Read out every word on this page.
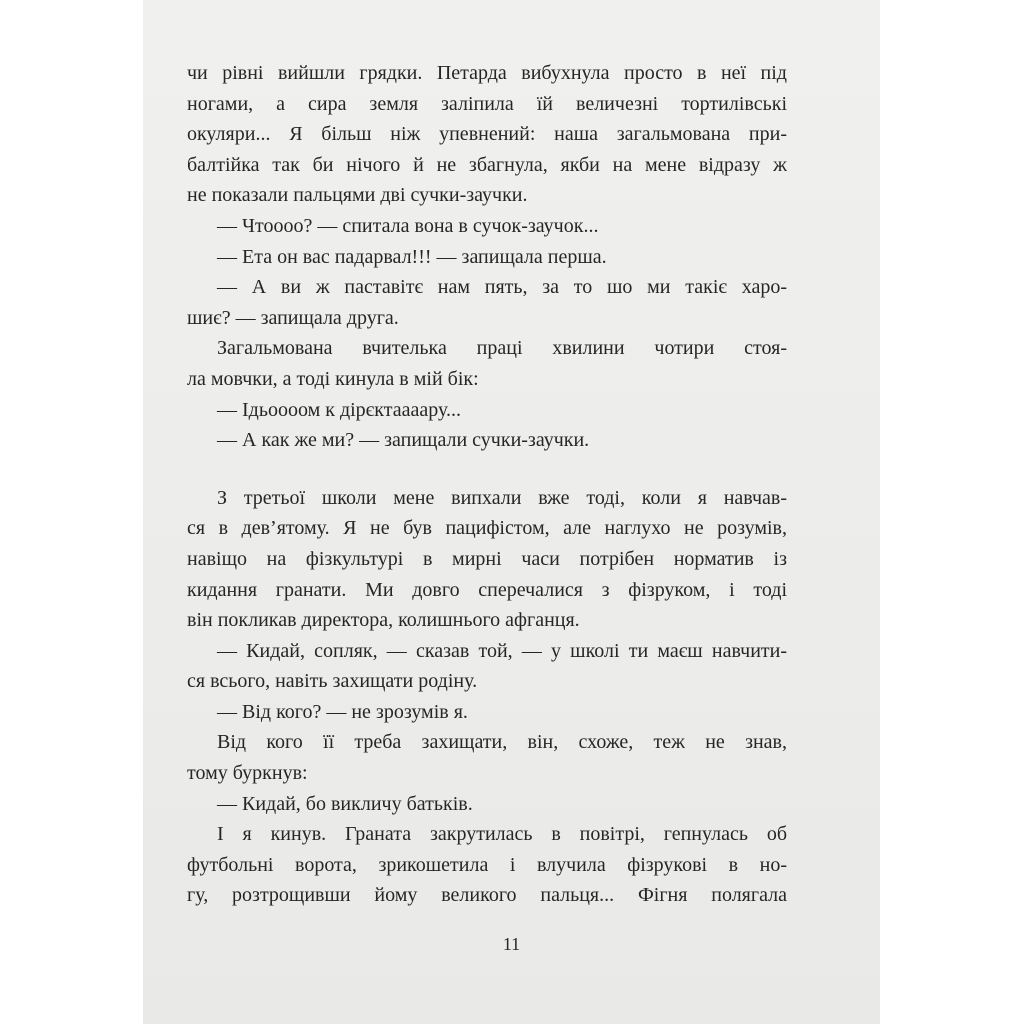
чи рівні вийшли грядки. Петарда вибухнула просто в неї під
ногами, а сира земля заліпила їй величезні тортилівські
окуляри... Я більш ніж упевнений: наша загальмована при-
балтійка так би нічого й не збагнула, якби на мене відразу ж
не показали пальцями дві сучки-заучки.
— Чтоооо? — спитала вона в сучок-заучок...
— Ета он вас падарвал!!! — запищала перша.
— А ви ж паставітє нам пять, за то шо ми такіє харо-
шиє? — запищала друга.
Загальмована вчителька праці хвилини чотири стоя-
ла мовчки, а тоді кинула в мій бік:
— Ідьоооом к дірєктаааару...
— А как же ми? — запищали сучки-заучки.
З третьої школи мене випхали вже тоді, коли я навчав-
ся в дев’ятому. Я не був пацифістом, але наглухо не розумів,
навіщо на фізкультурі в мирні часи потрібен норматив із
кидання гранати. Ми довго сперечалися з фізруком, і тоді
він покликав директора, колишнього афганця.
— Кидай, сопляк, — сказав той, — у школі ти маєш навчити-
ся всього, навіть захищати родіну.
— Від кого? — не зрозумів я.
Від кого її треба захищати, він, схоже, теж не знав,
тому буркнув:
— Кидай, бо викличу батьків.
І я кинув. Граната закрутилась в повітрі, гепнулась об
футбольні ворота, зрикошетила і влучила фізрукові в но-
гу, розтрощивши йому великого пальця... Фігня полягала
11
